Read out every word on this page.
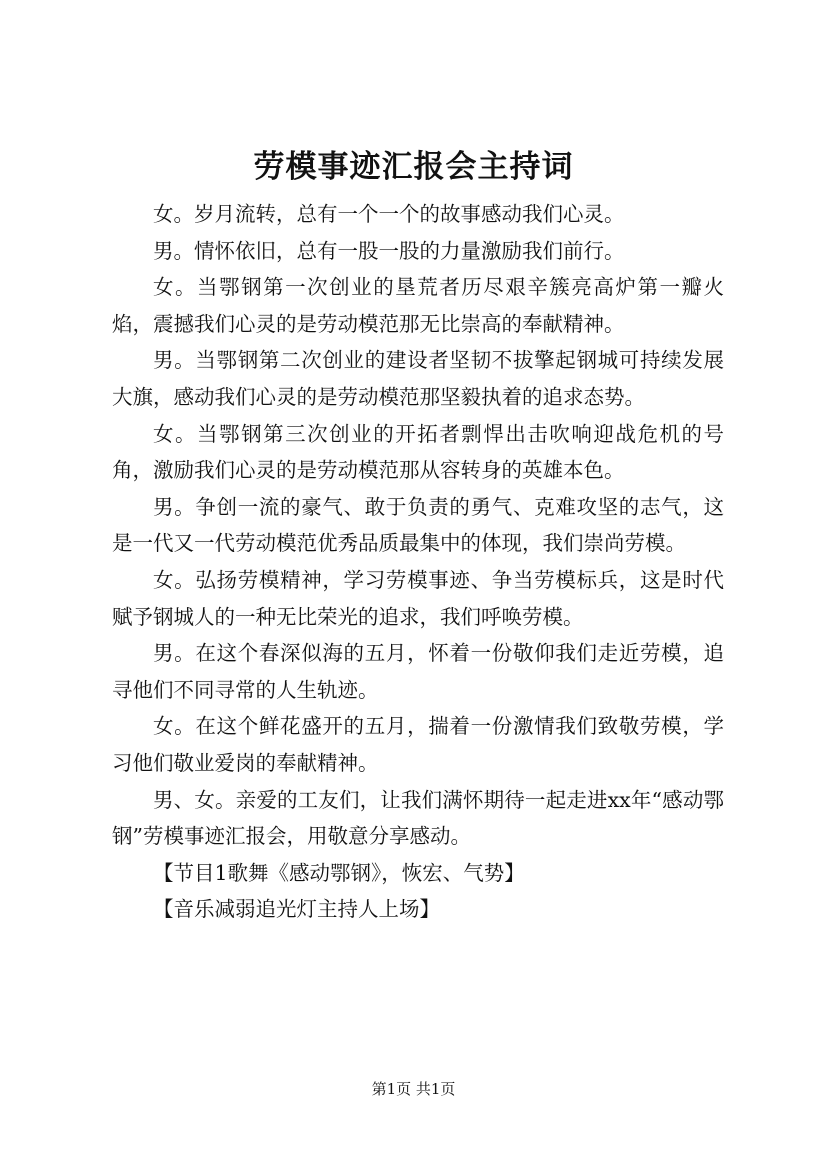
劳模事迹汇报会主持词

女。岁月流转，总有一个一个的故事感动我们心灵。

男。情怀依旧，总有一股一股的力量激励我们前行。

女。当鄂钢第一次创业的垦荒者历尽艰辛簇亮高炉第一瓣火焰，震撼我们心灵的是劳动模范那无比崇高的奉献精神。

男。当鄂钢第二次创业的建设者坚韧不拔擎起钢城可持续发展大旗，感动我们心灵的是劳动模范那坚毅执着的追求态势。

女。当鄂钢第三次创业的开拓者剽悍出击吹响迎战危机的号角，激励我们心灵的是劳动模范那从容转身的英雄本色。

男。争创一流的豪气、敢于负责的勇气、克难攻坚的志气，这是一代又一代劳动模范优秀品质最集中的体现，我们崇尚劳模。

女。弘扬劳模精神，学习劳模事迹、争当劳模标兵，这是时代赋予钢城人的一种无比荣光的追求，我们呼唤劳模。

男。在这个春深似海的五月，怀着一份敬仰我们走近劳模，追寻他们不同寻常的人生轨迹。

女。在这个鲜花盛开的五月，揣着一份激情我们致敬劳模，学习他们敬业爱岗的奉献精神。

男、女。亲爱的工友们，让我们满怀期待一起走进xx年“感动鄂钢”劳模事迹汇报会，用敬意分享感动。

【节目1歌舞《感动鄂钢》，恢宏、气势】

【音乐减弱追光灯主持人上场】

第1页 共1页
